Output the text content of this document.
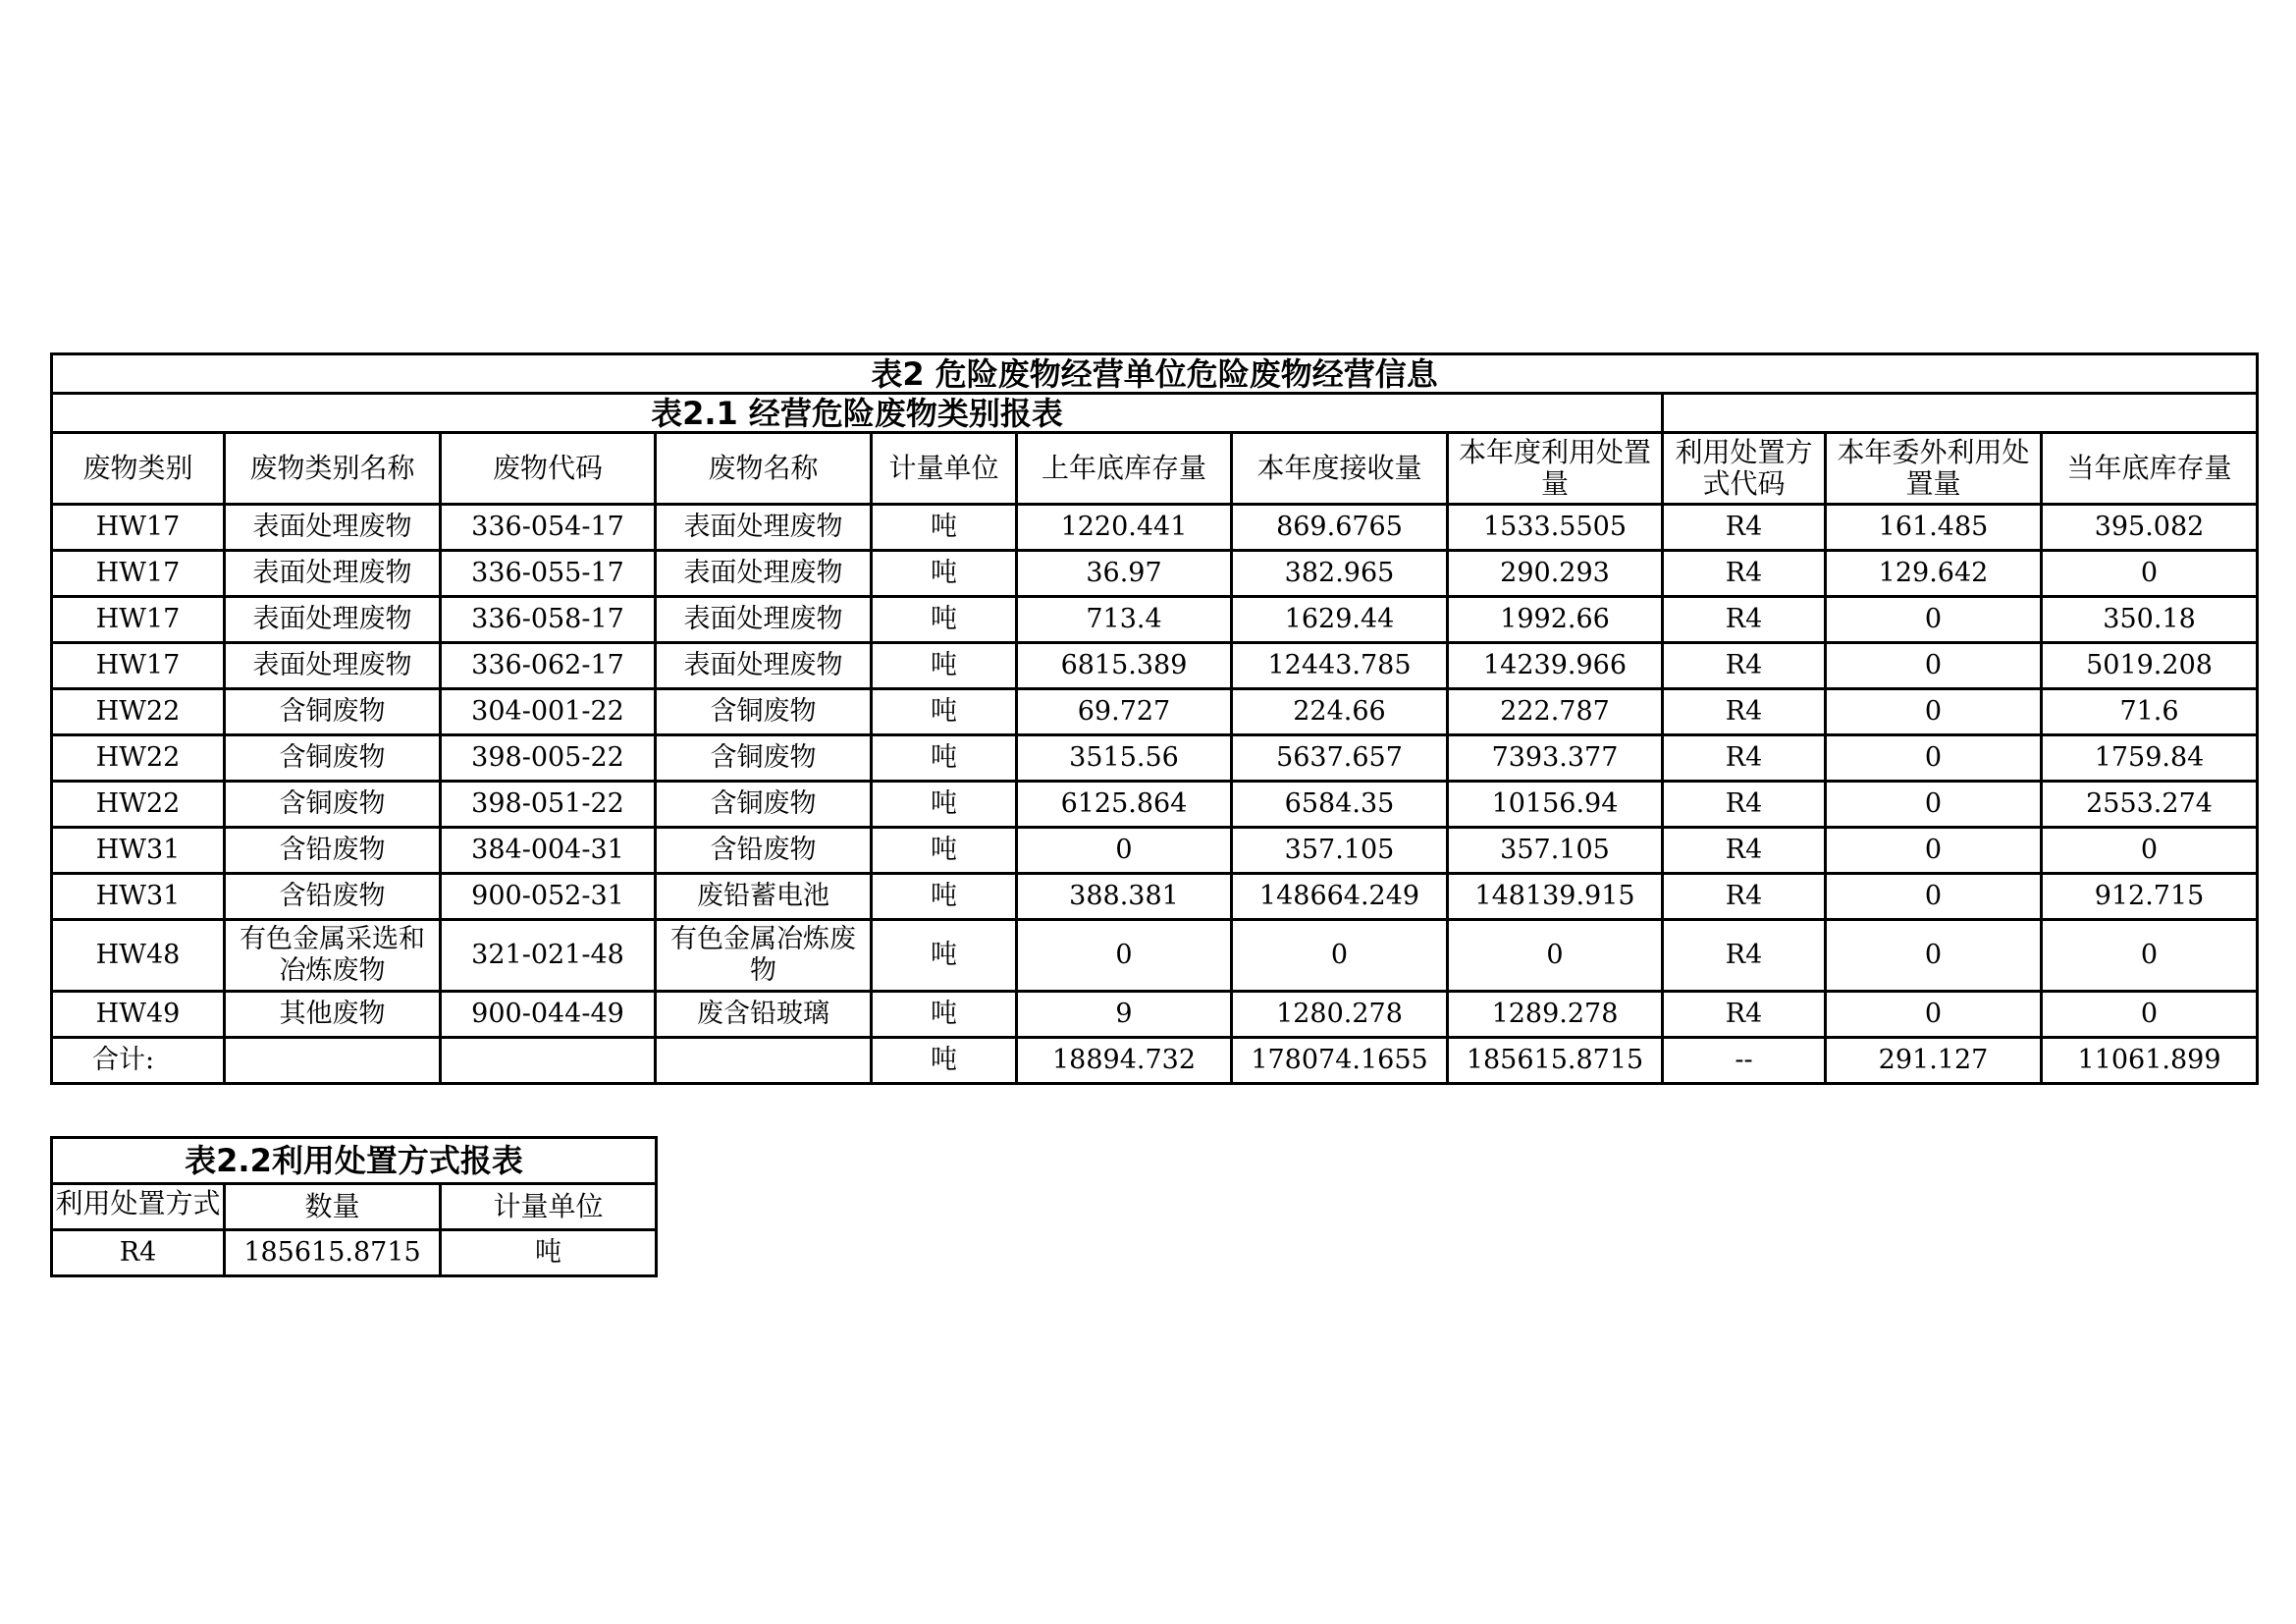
表2 危险废物经营单位危险废物经营信息										
表2.1 经营危险废物类别报表										
废物类别	废物类别名称	废物代码	废物名称	计量单位	上年底库存量	本年度接收量	本年度利用处置量	利用处置方式代码	本年委外利用处置量	当年底库存量
HW17	表面处理废物	336-054-17	表面处理废物	吨	1220.441	869.6765	1533.5505	R4	161.485	395.082
HW17	表面处理废物	336-055-17	表面处理废物	吨	36.97	382.965	290.293	R4	129.642	0
HW17	表面处理废物	336-058-17	表面处理废物	吨	713.4	1629.44	1992.66	R4	0	350.18
HW17	表面处理废物	336-062-17	表面处理废物	吨	6815.389	12443.785	14239.966	R4	0	5019.208
HW22	含铜废物	304-001-22	含铜废物	吨	69.727	224.66	222.787	R4	0	71.6
HW22	含铜废物	398-005-22	含铜废物	吨	3515.56	5637.657	7393.377	R4	0	1759.84
HW22	含铜废物	398-051-22	含铜废物	吨	6125.864	6584.35	10156.94	R4	0	2553.274
HW31	含铅废物	384-004-31	含铅废物	吨	0	357.105	357.105	R4	0	0
HW31	含铅废物	900-052-31	废铅蓄电池	吨	388.381	148664.249	148139.915	R4	0	912.715
HW48	有色金属采选和冶炼废物	321-021-48	有色金属冶炼废物	吨	0	0	0	R4	0	0
HW49	其他废物	900-044-49	废含铅玻璃	吨	9	1280.278	1289.278	R4	0	0
合计:				吨	18894.732	178074.1655	185615.8715	--	291.127	11061.899
表2.2利用处置方式报表		

利用处置方式	数量	计量单位
R4	185615.8715	吨
